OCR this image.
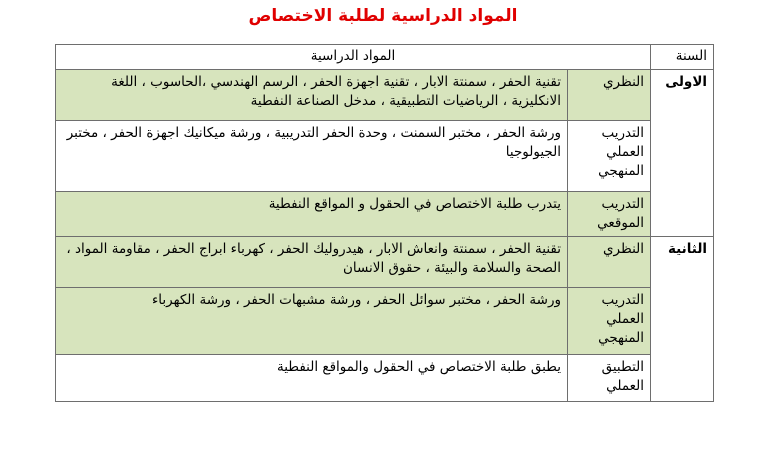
المواد الدراسية لطلبة الاختصاص
السنة	المواد الدراسية	
الاولى	النظري	تقنية الحفر ، سمنتة الابار ، تقنية اجهزة الحفر ، الرسم الهندسي ،الحاسوب ، اللغة الانكليزية ، الرياضيات التطبيقية ، مدخل الصناعة النفطية
	التدريب العملي المنهجي	ورشة الحفر ، مختبر السمنت ، وحدة الحفر التدريبية ، ورشة ميكانيك اجهزة الحفر ، مختبر الجيولوجيا
	التدريب الموقعي	يتدرب طلبة الاختصاص في الحقول و المواقع النفطية
الثانية	النظري	تقنية الحفر ، سمنتة وانعاش الابار ، هيدروليك الحفر ، كهرباء ابراج الحفر ، مقاومة المواد ، الصحة والسلامة والبيئة ، حقوق الانسان
	التدريب العملي المنهجي	ورشة الحفر ، مختبر سوائل الحفر ، ورشة مشبهات الحفر ، ورشة الكهرباء
	التطبيق العملي	يطبق طلبة الاختصاص في الحقول والمواقع النفطية
